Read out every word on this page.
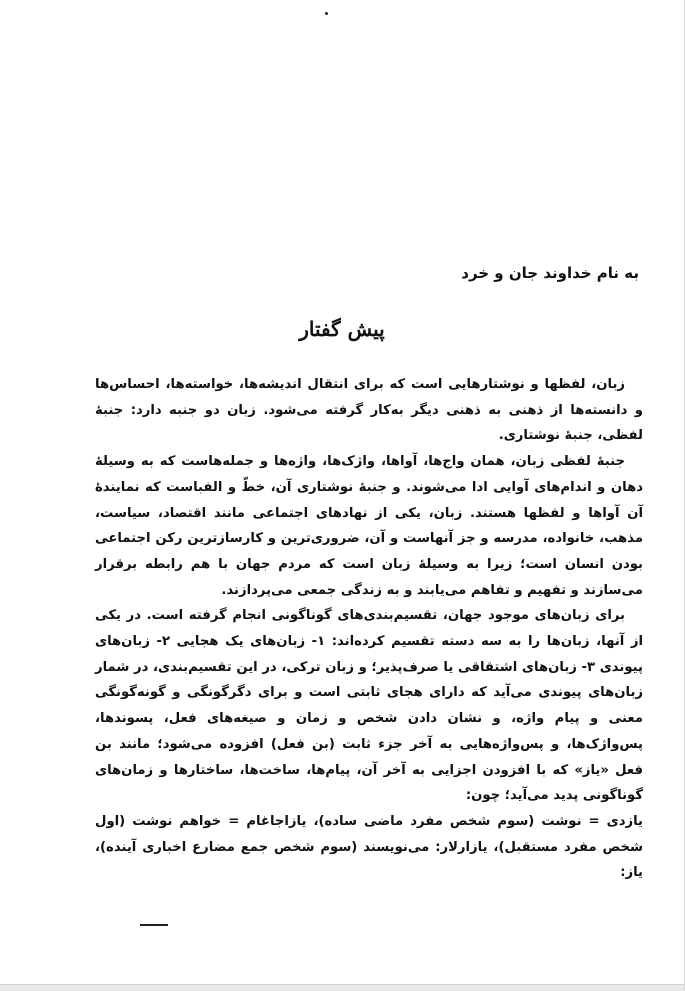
به نام خداوند جان و خرد
پیش گفتار

زبان، لفظها و نوشتارهایی است که برای انتقال اندیشه‌ها، خواسته‌ها، احساس‌ها و دانسته‌ها از ذهنی به ذهنی دیگر به‌کار گرفته می‌شود. زبان دو جنبه دارد: جنبهٔ لفظی، جنبهٔ نوشتاری.

جنبهٔ لفظی زبان، همان واج‌ها، آواها، واژک‌ها، واژه‌ها و جمله‌هاست که به وسیلهٔ دهان و اندام‌های آوایی ادا می‌شوند. و جنبهٔ نوشتاری آن، خطّ و الفباست که نمایندهٔ آن آواها و لفظها هستند. زبان، یکی از نهادهای اجتماعی مانند اقتصاد، سیاست، مذهب، خانواده، مدرسه و جز آنهاست و آن، ضروری‌ترین و کارسازترین رکن اجتماعی بودن انسان است؛ زیرا به وسیلهٔ زبان است که مردم جهان با هم رابطه برقرار می‌سازند و تفهیم و تفاهم می‌یابند و به زندگی جمعی می‌پردازند.

برای زبان‌های موجود جهان، تقسیم‌بندی‌های گوناگونی انجام گرفته است. در یکی از آنها، زبان‌ها را به سه دسته تقسیم کرده‌اند: ۱- زبان‌های یک هجایی ۲- زبان‌های پیوندی ۳- زبان‌های اشتقاقی یا صرف‌پذیر؛ و زبان ترکی، در این تقسیم‌بندی، در شمار زبان‌های پیوندی می‌آید که دارای هجای ثابتی است و برای دگرگونگی و گونه‌گونگی معنی و پیام واژه، و نشان دادن شخص و زمان و صیغه‌های فعل، پسوندها، پس‌واژک‌ها، و پس‌واژه‌هایی به آخر جزء ثابت (بن فعل) افزوده می‌شود؛ مانند بن فعل «یاز» که با افزودن اجزایی به آخر آن، پیام‌ها، ساخت‌ها، ساختارها و زمان‌های گوناگونی پدید می‌آید؛ چون:

یازدی = نوشت (سوم شخص مفرد ماضی ساده)، یازاجاغام = خواهم نوشت (اول شخص مفرد مستقبل)، یازارلار: می‌نویسند (سوم شخص جمع مضارع اخباری آینده)، یاز:
